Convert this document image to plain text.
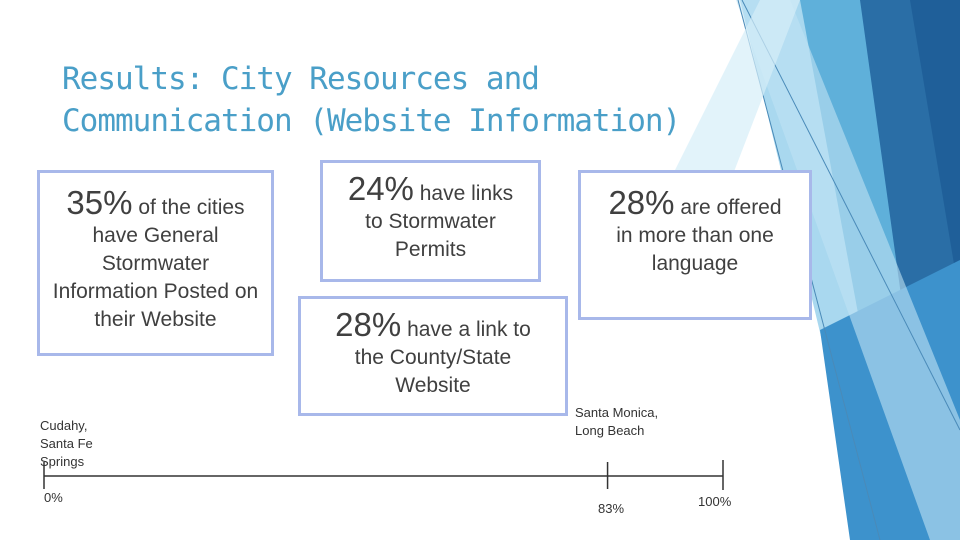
Results: City Resources and Communication (Website Information)
35% of the cities
have General Stormwater Information Posted on their Website
24% have links
to Stormwater Permits
28% are offered
in more than one language
28% have a link to
the County/State Website
Cudahy, Santa Fe Springs
Santa Monica, Long Beach
0%
83%	100%
